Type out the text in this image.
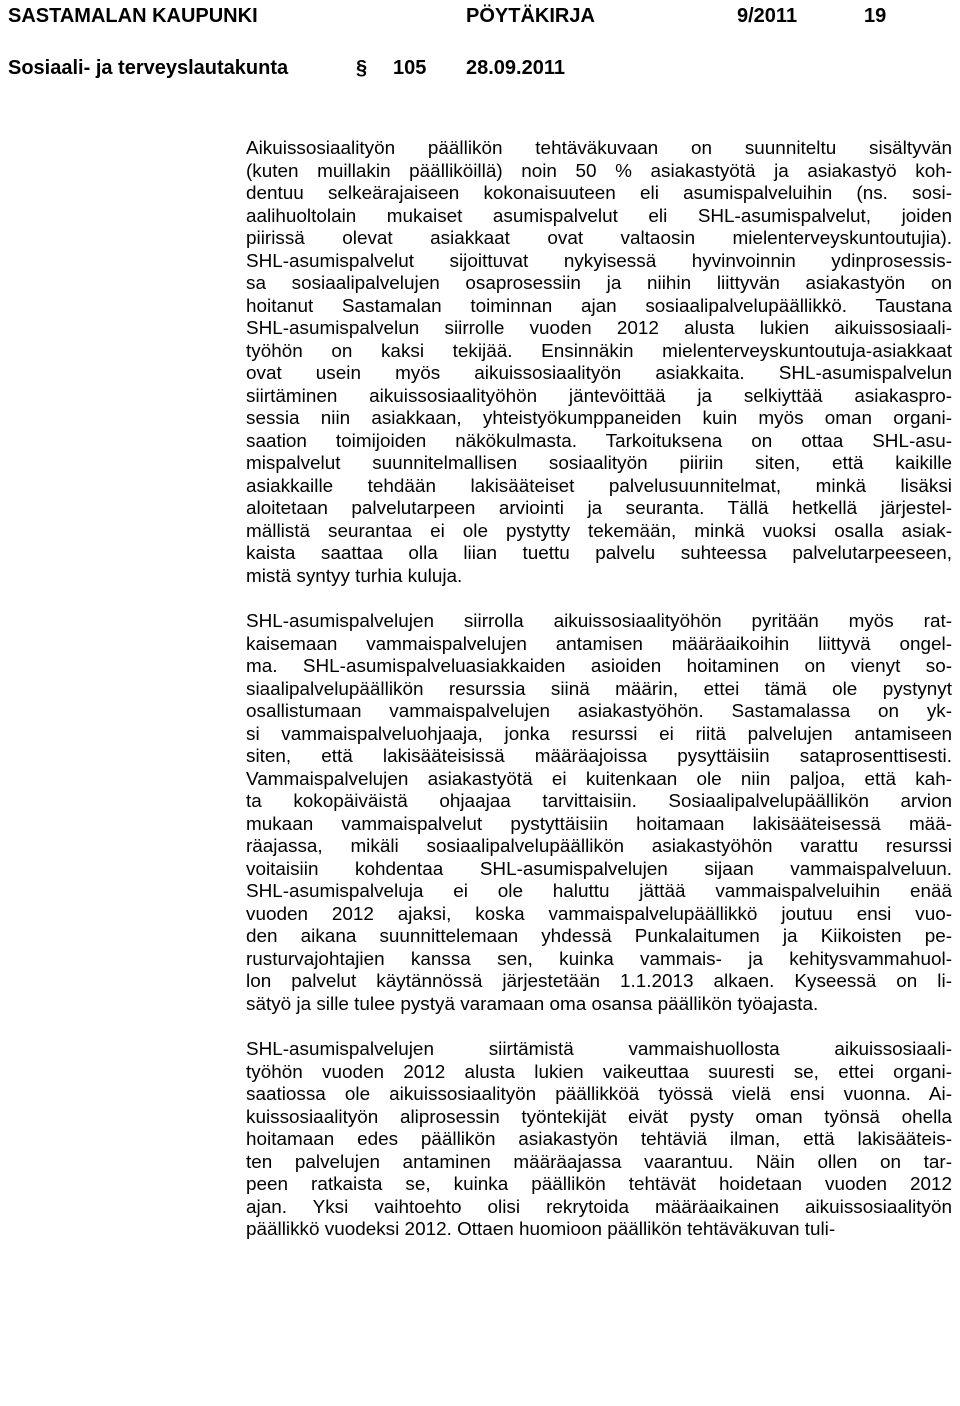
SASTAMALAN KAUPUNKI	PÖYTÄKIRJA	9/2011	19
Sosiaali- ja terveyslautakunta	§ 105 28.09.2011
Aikuissosiaalityön päällikön tehtäväkuvaan on suunniteltu sisältyvän
(kuten muillakin päälliköillä) noin 50 % asiakastyötä ja asiakastyö koh-
dentuu selkeärajaiseen kokonaisuuteen eli asumispalveluihin (ns. sosi-
aalihuoltolain mukaiset asumispalvelut eli SHL-asumispalvelut, joiden
piirissä olevat asiakkaat ovat valtaosin mielenterveyskuntoutujia).
SHL-asumispalvelut sijoittuvat nykyisessä hyvinvoinnin ydinprosessis-
sa sosiaalipalvelujen osaprosessiin ja niihin liittyvän asiakastyön on
hoitanut Sastamalan toiminnan ajan sosiaalipalvelupäällikkö. Taustana
SHL-asumispalvelun siirrolle vuoden 2012 alusta lukien aikuissosiaali-
työhön on kaksi tekijää. Ensinnäkin mielenterveyskuntoutuja-asiakkaat
ovat usein myös aikuissosiaalityön asiakkaita. SHL-asumispalvelun
siirtäminen aikuissosiaalityöhön jäntevöittää ja selkiyttää asiakaspro-
sessia niin asiakkaan, yhteistyökumppaneiden kuin myös oman organi-
saation toimijoiden näkökulmasta. Tarkoituksena on ottaa SHL-asu-
mispalvelut suunnitelmallisen sosiaalityön piiriin siten, että kaikille
asiakkaille tehdään lakisääteiset palvelusuunnitelmat, minkä lisäksi
aloitetaan palvelutarpeen arviointi ja seuranta. Tällä hetkellä järjestel-
mällistä seurantaa ei ole pystytty tekemään, minkä vuoksi osalla asiak-
kaista saattaa olla liian tuettu palvelu suhteessa palvelutarpeeseen,
mistä syntyy turhia kuluja.
SHL-asumispalvelujen siirrolla aikuissosiaalityöhön pyritään myös rat-
kaisemaan vammaispalvelujen antamisen määräaikoihin liittyvä ongel-
ma. SHL-asumispalveluasiakkaiden asioiden hoitaminen on vienyt so-
siaalipalvelupäällikön resurssia siinä määrin, ettei tämä ole pystynyt
osallistumaan vammaispalvelujen asiakastyöhön. Sastamalassa on yk-
si vammaispalveluohjaaja, jonka resurssi ei riitä palvelujen antamiseen
siten, että lakisääteisissä määräajoissa pysyttäisiin sataprosenttisesti.
Vammaispalvelujen asiakastyötä ei kuitenkaan ole niin paljoa, että kah-
ta kokopäiväistä ohjaajaa tarvittaisiin. Sosiaalipalvelupäällikön arvion
mukaan vammaispalvelut pystyttäisiin hoitamaan lakisääteisessä mää-
räajassa, mikäli sosiaalipalvelupäällikön asiakastyöhön varattu resurssi
voitaisiin kohdentaa SHL-asumispalvelujen sijaan vammaispalveluun.
SHL-asumispalveluja ei ole haluttu jättää vammaispalveluihin enää
vuoden 2012 ajaksi, koska vammaispalvelupäällikkö joutuu ensi vuo-
den aikana suunnittelemaan yhdessä Punkalaitumen ja Kiikoisten pe-
rusturvajohtajien kanssa sen, kuinka vammais- ja kehitysvammahuol-
lon palvelut käytännössä järjestetään 1.1.2013 alkaen. Kyseessä on li-
sätyö ja sille tulee pystyä varamaan oma osansa päällikön työajasta.
SHL-asumispalvelujen siirtämistä vammaishuollosta aikuissosiaali-
työhön vuoden 2012 alusta lukien vaikeuttaa suuresti se, ettei organi-
saatiossa ole aikuissosiaalityön päällikköä työssä vielä ensi vuonna. Ai-
kuissosiaalityön aliprosessin työntekijät eivät pysty oman työnsä ohella
hoitamaan edes päällikön asiakastyön tehtäviä ilman, että lakisääteis-
ten palvelujen antaminen määräajassa vaarantuu. Näin ollen on tar-
peen ratkaista se, kuinka päällikön tehtävät hoidetaan vuoden 2012
ajan. Yksi vaihtoehto olisi rekrytoida määräaikainen aikuissosiaalityön
päällikkö vuodeksi 2012. Ottaen huomioon päällikön tehtäväkuvan tuli-
